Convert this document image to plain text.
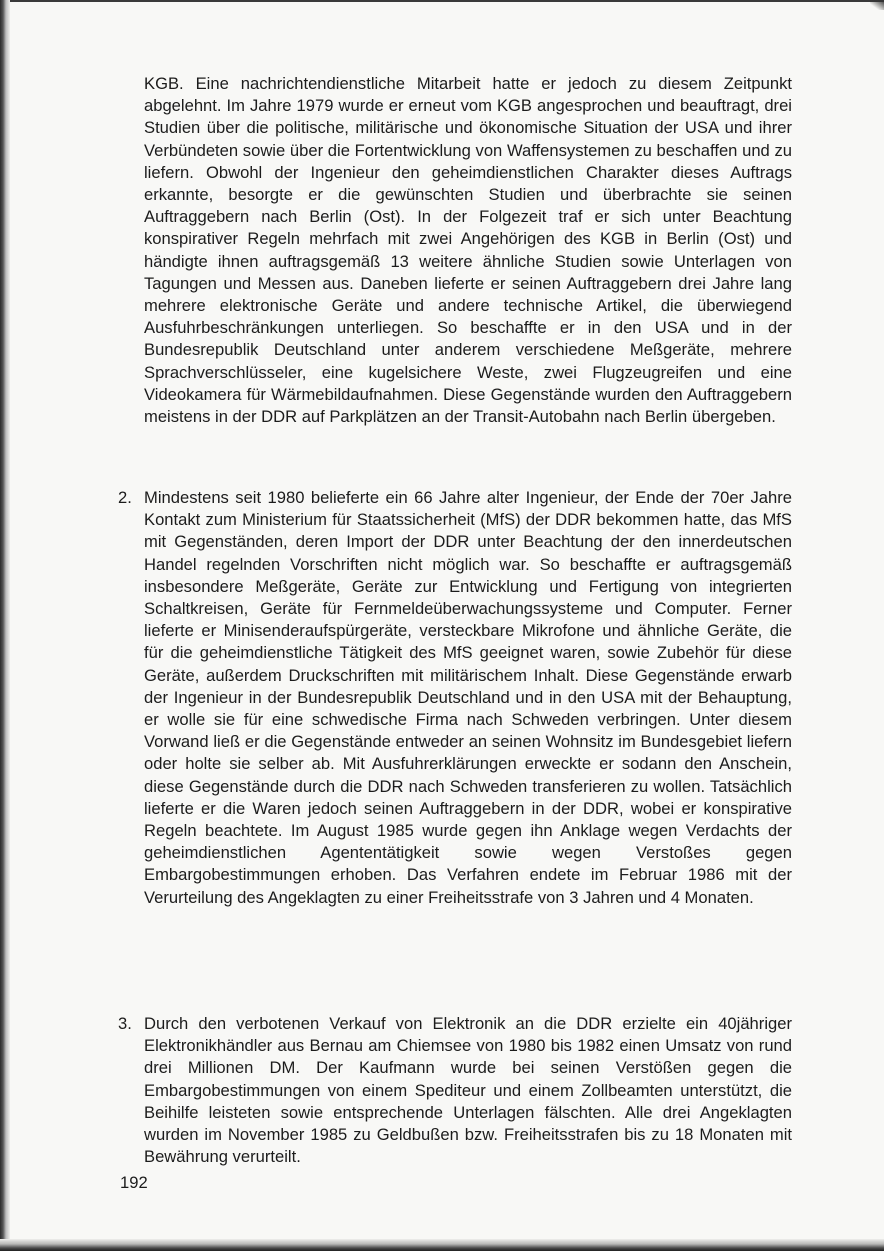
KGB. Eine nachrichtendienstliche Mitarbeit hatte er jedoch zu diesem Zeitpunkt abgelehnt. Im Jahre 1979 wurde er erneut vom KGB angesprochen und beauftragt, drei Studien über die politische, militärische und ökonomische Situation der USA und ihrer Verbündeten sowie über die Fortentwicklung von Waffensystemen zu beschaffen und zu liefern. Obwohl der Ingenieur den geheimdienstlichen Charakter dieses Auftrags erkannte, besorgte er die gewünschten Studien und überbrachte sie seinen Auftraggebern nach Berlin (Ost). In der Folgezeit traf er sich unter Beachtung konspirativer Regeln mehrfach mit zwei Angehörigen des KGB in Berlin (Ost) und händigte ihnen auftragsgemäß 13 weitere ähnliche Studien sowie Unterlagen von Tagungen und Messen aus. Daneben lieferte er seinen Auftraggebern drei Jahre lang mehrere elektronische Geräte und andere technische Artikel, die überwiegend Ausfuhrbeschränkungen unterliegen. So beschaffte er in den USA und in der Bundesrepublik Deutschland unter anderem verschiedene Meßgeräte, mehrere Sprachverschlüsseler, eine kugelsichere Weste, zwei Flugzeugreifen und eine Videokamera für Wärmebildaufnahmen. Diese Gegenstände wurden den Auftraggebern meistens in der DDR auf Parkplätzen an der Transit-Autobahn nach Berlin übergeben.

2. Mindestens seit 1980 belieferte ein 66 Jahre alter Ingenieur, der Ende der 70er Jahre Kontakt zum Ministerium für Staatssicherheit (MfS) der DDR bekommen hatte, das MfS mit Gegenständen, deren Import der DDR unter Beachtung der den innerdeutschen Handel regelnden Vorschriften nicht möglich war. So beschaffte er auftragsgemäß insbesondere Meßgeräte, Geräte zur Entwicklung und Fertigung von integrierten Schaltkreisen, Geräte für Fernmeldeüberwachungssysteme und Computer. Ferner lieferte er Minisenderaufspürgeräte, versteckbare Mikrofone und ähnliche Geräte, die für die geheimdienstliche Tätigkeit des MfS geeignet waren, sowie Zubehör für diese Geräte, außerdem Druckschriften mit militärischem Inhalt. Diese Gegenstände erwarb der Ingenieur in der Bundesrepublik Deutschland und in den USA mit der Behauptung, er wolle sie für eine schwedische Firma nach Schweden verbringen. Unter diesem Vorwand ließ er die Gegenstände entweder an seinen Wohnsitz im Bundesgebiet liefern oder holte sie selber ab. Mit Ausfuhrerklärungen erweckte er sodann den Anschein, diese Gegenstände durch die DDR nach Schweden transferieren zu wollen. Tatsächlich lieferte er die Waren jedoch seinen Auftraggebern in der DDR, wobei er konspirative Regeln beachtete. Im August 1985 wurde gegen ihn Anklage wegen Verdachts der geheimdienstlichen Agententätigkeit sowie wegen Verstoßes gegen Embargobestimmungen erhoben. Das Verfahren endete im Februar 1986 mit der Verurteilung des Angeklagten zu einer Freiheitsstrafe von 3 Jahren und 4 Monaten.
3. Durch den verbotenen Verkauf von Elektronik an die DDR erzielte ein 40jähriger Elektronikhändler aus Bernau am Chiemsee von 1980 bis 1982 einen Umsatz von rund drei Millionen DM. Der Kaufmann wurde bei seinen Verstößen gegen die Embargobestimmungen von einem Spediteur und einem Zollbeamten unterstützt, die Beihilfe leisteten sowie entsprechende Unterlagen fälschten. Alle drei Angeklagten wurden im November 1985 zu Geldbußen bzw. Freiheitsstrafen bis zu 18 Monaten mit Bewährung verurteilt.
192
